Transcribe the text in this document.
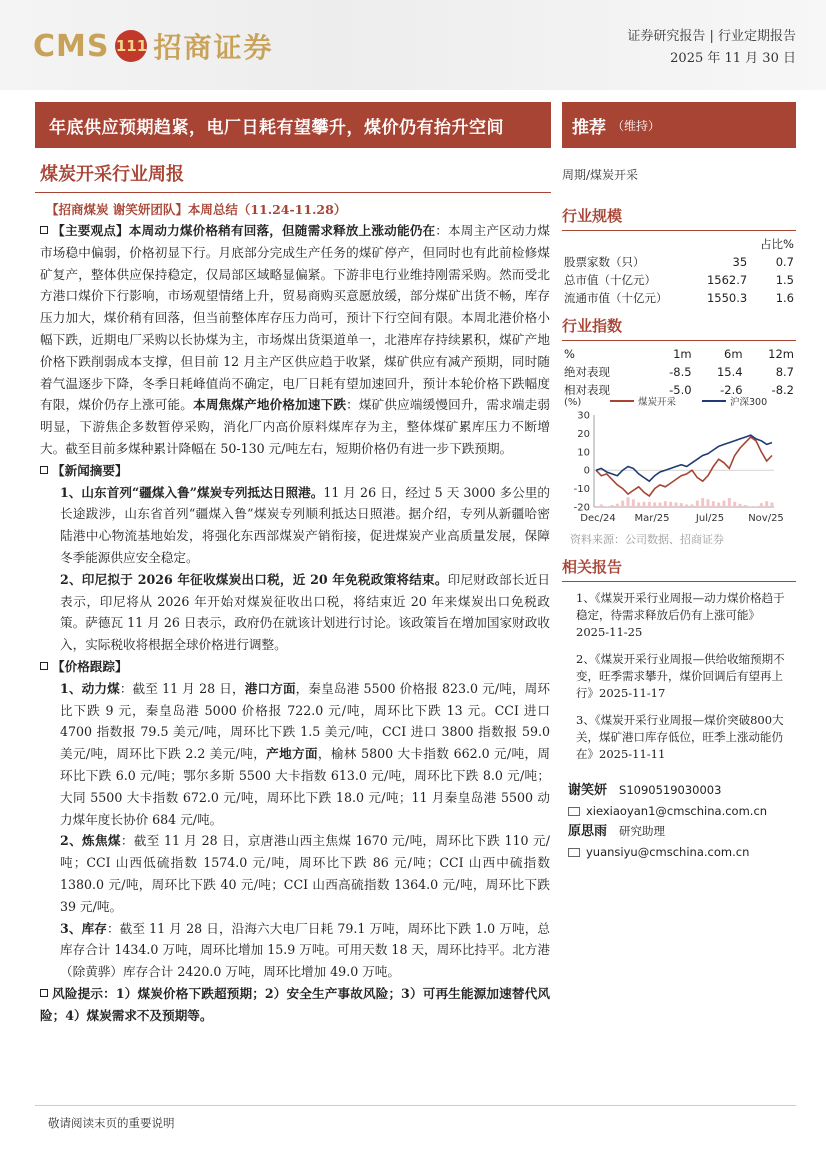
CMS 111 招商证券	证券研究报告 | 行业定期报告
2025 年 11 月 30 日
年底供应预期趋紧，电厂日耗有望攀升，煤价仍有抬升空间	推荐 （维持）
煤炭开采行业周报
【招商煤炭 谢笑妍团队】本周总结（11.24-11.28）

【主要观点】本周动力煤价格稍有回落，但随需求释放上涨动能仍在：本周主产区动力煤市场稳中偏弱，价格初显下行。月底部分完成生产任务的煤矿停产，但同时也有此前检修煤矿复产，整体供应保持稳定，仅局部区域略显偏紧。下游非电行业维持刚需采购。然而受北方港口煤价下行影响，市场观望情绪上升，贸易商购买意愿放缓，部分煤矿出货不畅，库存压力加大，煤价稍有回落，但当前整体库存压力尚可，预计下行空间有限。本周北港价格小幅下跌，近期电厂采购以长协煤为主，市场煤出货渠道单一，北港库存持续累积，煤矿产地价格下跌削弱成本支撑，但目前 12 月主产区供应趋于收紧，煤矿供应有减产预期，同时随着气温逐步下降，冬季日耗峰值尚不确定，电厂日耗有望加速回升，预计本轮价格下跌幅度有限，煤价仍存上涨可能。本周焦煤产地价格加速下跌：煤矿供应端缓慢回升，需求端走弱明显，下游焦企多数暂停采购，消化厂内高价原料煤库存为主，整体煤矿累库压力不断增大。截至目前多煤种累计降幅在 50-130 元/吨左右，短期价格仍有进一步下跌预期。

【新闻摘要】

1、山东首列“疆煤入鲁”煤炭专列抵达日照港。11 月 26 日，经过 5 天 3000 多公里的长途跋涉，山东省首列“疆煤入鲁”煤炭专列顺利抵达日照港。据介绍，专列从新疆哈密陆港中心物流基地始发，将强化东西部煤炭产销衔接，促进煤炭产业高质量发展，保障冬季能源供应安全稳定。

2、印尼拟于 2026 年征收煤炭出口税，近 20 年免税政策将结束。印尼财政部长近日表示，印尼将从 2026 年开始对煤炭征收出口税，将结束近 20 年来煤炭出口免税政策。萨德瓦 11 月 26 日表示，政府仍在就该计划进行讨论。该政策旨在增加国家财政收入，实际税收将根据全球价格进行调整。

【价格跟踪】

1、动力煤：截至 11 月 28 日，港口方面，秦皇岛港 5500 价格报 823.0 元/吨，周环比下跌 9 元，秦皇岛港 5000 价格报 722.0 元/吨，周环比下跌 13 元。CCI 进口 4700 指数报 79.5 美元/吨，周环比下跌 1.5 美元/吨，CCI 进口 3800 指数报 59.0 美元/吨，周环比下跌 2.2 美元/吨，产地方面，榆林 5800 大卡指数 662.0 元/吨，周环比下跌 6.0 元/吨；鄂尔多斯 5500 大卡指数 613.0 元/吨，周环比下跌 8.0 元/吨；大同 5500 大卡指数 672.0 元/吨，周环比下跌 18.0 元/吨；11 月秦皇岛港 5500 动力煤年度长协价 684 元/吨。

2、炼焦煤：截至 11 月 28 日，京唐港山西主焦煤 1670 元/吨，周环比下跌 110 元/吨；CCI 山西低硫指数 1574.0 元/吨，周环比下跌 86 元/吨；CCI 山西中硫指数 1380.0 元/吨，周环比下跌 40 元/吨；CCI 山西高硫指数 1364.0 元/吨，周环比下跌 39 元/吨。

3、库存：截至 11 月 28 日，沿海六大电厂日耗 79.1 万吨，周环比下跌 1.0 万吨，总库存合计 1434.0 万吨，周环比增加 15.9 万吨。可用天数 18 天，周环比持平。北方港（除黄骅）库存合计 2420.0 万吨，周环比增加 49.0 万吨。

风险提示：1）煤炭价格下跌超预期；2）安全生产事故风险；3）可再生能源加速替代风险；4）煤炭需求不及预期等。

周期/煤炭开采
行业规模
		占比%
股票家数（只）	35	0.7
总市值（十亿元）	1562.7	1.5
流通市值（十亿元）	1550.3	1.6
行业指数
%	1m	6m	12m
绝对表现	-8.5	15.4	8.7
相对表现	-5.0	-2.6	-8.2
(%)	煤炭开采	沪深300
30
20
10
0
-10
-20
Dec/24 Mar/25	Jul/25 Nov/25
资料来源：公司数据、招商证券
相关报告
1、《煤炭开采行业周报—动力煤价格趋于稳定，待需求释放后仍有上涨可能》2025-11-25
2、《煤炭开采行业周报—供给收缩预期不变，旺季需求攀升，煤价回调后有望再上行》2025-11-17
3、《煤炭开采行业周报—煤价突破800大关，煤矿港口库存低位，旺季上涨动能仍在》2025-11-11
谢笑妍 S1090519030003
xiexiaoyan1@cmschina.com.cn
原思雨 研究助理
yuansiyu@cmschina.com.cn
敬请阅读末页的重要说明
